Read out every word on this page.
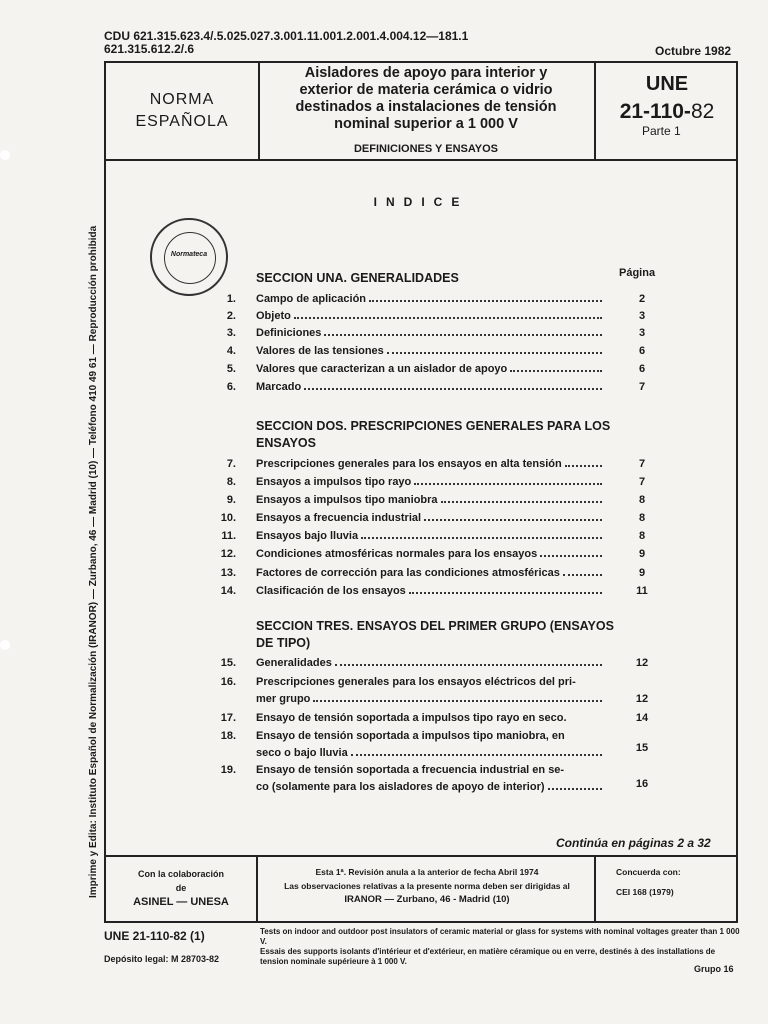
CDU 621.315.623.4/.5.025.027.3.001.11.001.2.001.4.004.12—181.1
621.315.612.2/.6	Octubre 1982
Imprime y Edita: Instituto Español de Normalización (IRANOR) — Zurbano, 46 — Madrid (10) — Teléfono 410 49 61 — Reproducción prohibida
NORMA
ESPAÑOLA
Aisladores de apoyo para interior y
exterior de materia cerámica o vidrio
destinados a instalaciones de tensión
nominal superior a 1 000 V
DEFINICIONES Y ENSAYOS
UNE
21-110-82
Parte 1
Normateca
INDICE
Página
SECCION UNA. GENERALIDADES
1. Campo de aplicación	2
2. Objeto	3
3. Definiciones	3
4. Valores de las tensiones	6
5. Valores que caracterizan a un aislador de apoyo	6
6. Marcado	7
SECCION DOS. PRESCRIPCIONES GENERALES PARA LOS ENSAYOS
7. Prescripciones generales para los ensayos en alta tensión	7
8. Ensayos a impulsos tipo rayo	7
9. Ensayos a impulsos tipo maniobra	8
10. Ensayos a frecuencia industrial	8
11. Ensayos bajo lluvia	8
12. Condiciones atmosféricas normales para los ensayos	9
13. Factores de corrección para las condiciones atmosféricas	9
14. Clasificación de los ensayos	11
SECCION TRES. ENSAYOS DEL PRIMER GRUPO (ENSAYOS DE TIPO)
15. Generalidades	12
16. Prescripciones generales para los ensayos eléctricos del pri-
mer grupo	12
17. Ensayo de tensión soportada a impulsos tipo rayo en seco.	14
18. Ensayo de tensión soportada a impulsos tipo maniobra, en
seco o bajo lluvia	15
19. Ensayo de tensión soportada a frecuencia industrial en se-
co (solamente para los aisladores de apoyo de interior)	16
Continúa en páginas 2 a 32
Con la colaboración
de
ASINEL — UNESA
Esta 1ª. Revisión anula a la anterior de fecha Abril 1974
Las observaciones relativas a la presente norma deben ser dirigidas al
IRANOR — Zurbano, 46 - Madrid (10)
Concuerda con:
CEI 168 (1979)
UNE 21-110-82 (1)
Depósito legal: M 28703-82
Tests on indoor and outdoor post insulators of ceramic material or glass for systems with nominal voltages greater than 1 000 V.
Essais des supports isolants d'intérieur et d'extérieur, en matière céramique ou en verre, destinés à des installations de tension nominale supérieure à 1 000 V.
Grupo 16
